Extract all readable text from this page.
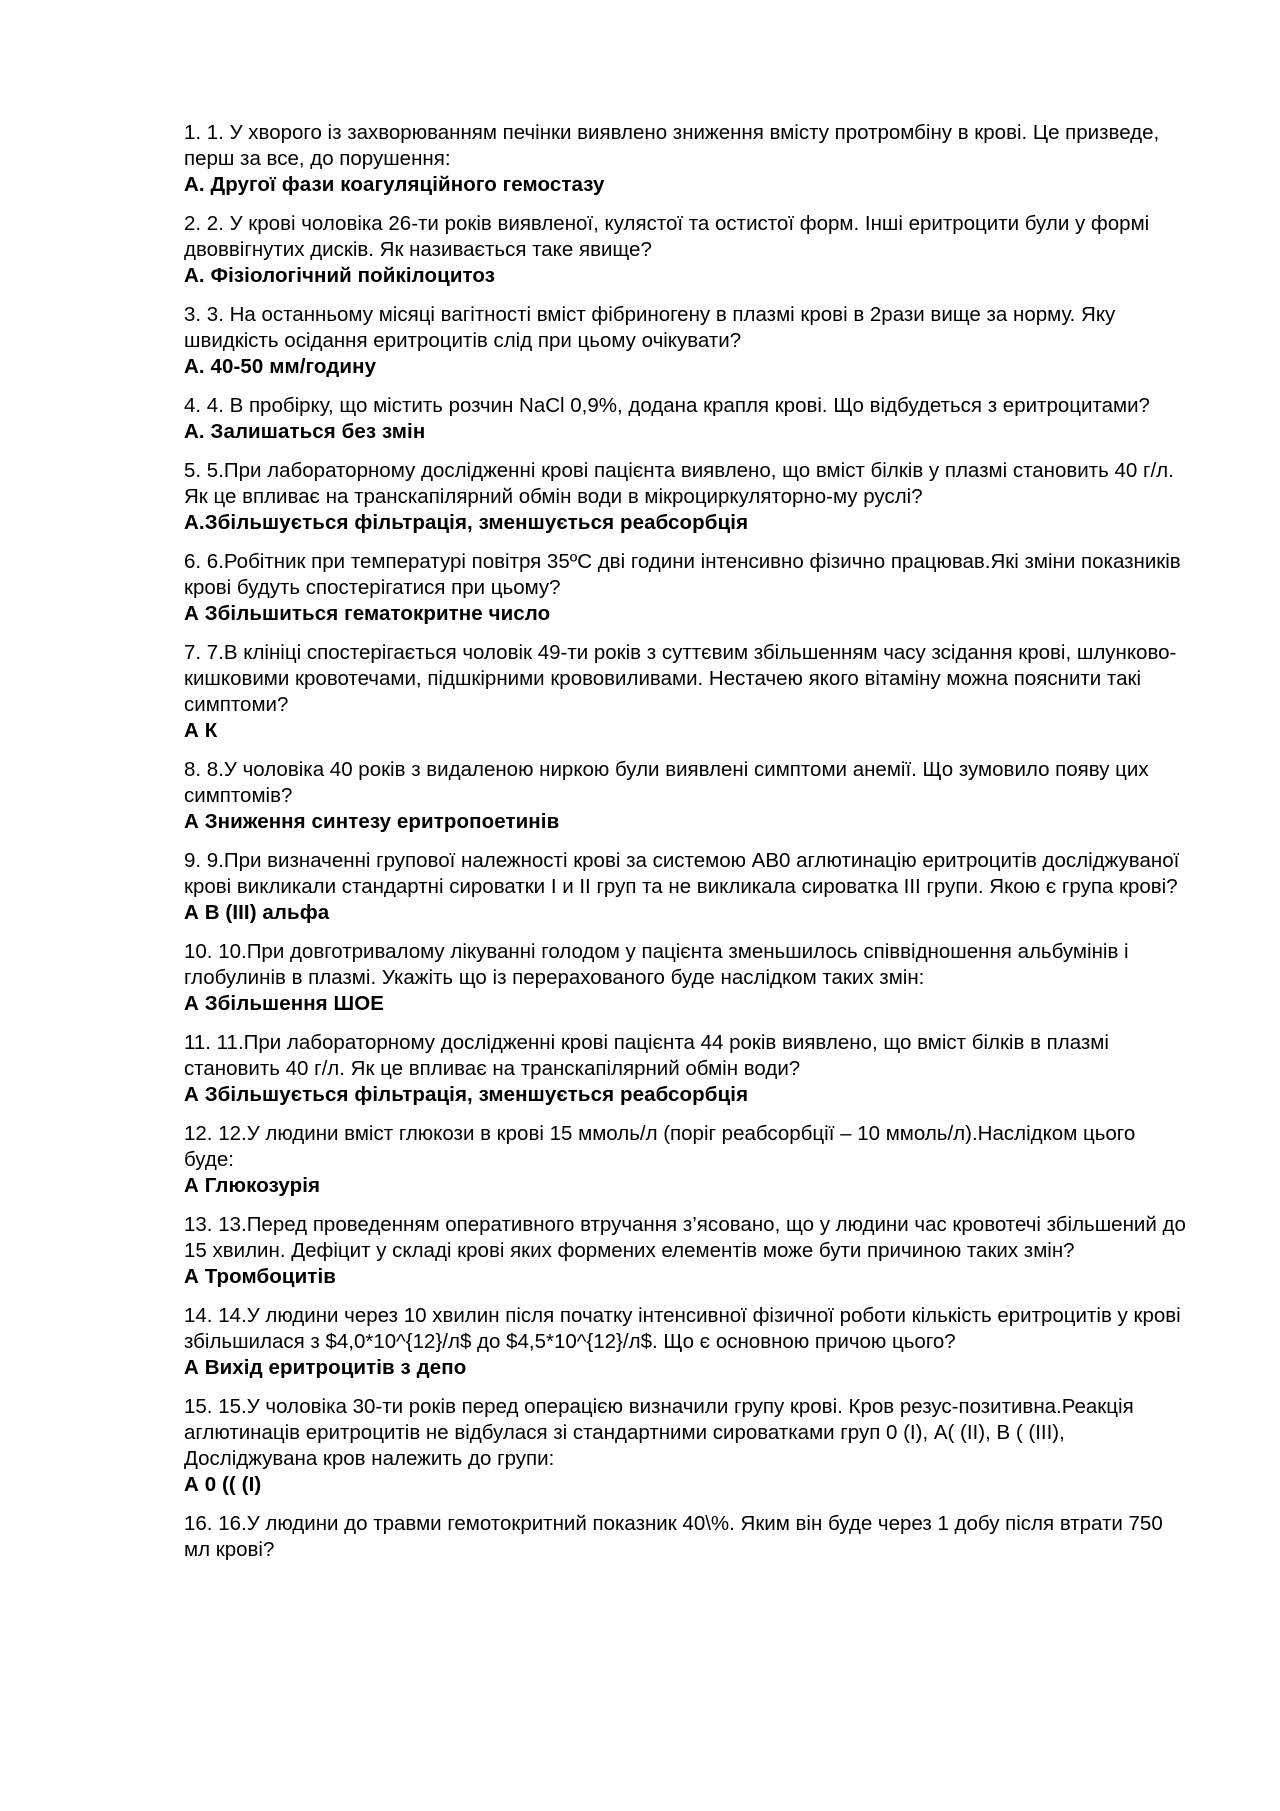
1. 1. У хворого із захворюванням печінки виявлено зниження вмісту протромбіну в крові. Це призведе, перш за все, до порушення:

А. Другої фази коагуляційного гемостазу

2. 2. У крові чоловіка 26-ти років виявленої, кулястої та остистої форм. Інші еритроцити були у формі двоввігнутих дисків. Як називається таке явище?

А. Фізіологічний пойкілоцитоз

3. 3. На останньому місяці вагітності вміст фібриногену в плазмі крові в 2рази вище за норму. Яку швидкість осідання еритроцитів слід при цьому очікувати?

А. 40-50 мм/годину

4. 4. В пробірку, що містить розчин NaCl 0,9%, додана крапля крові. Що відбудеться з еритроцитами?

А. Залишаться без змін

5. 5.При лабораторному дослідженні крові пацієнта виявлено, що вміст білків у плазмі становить 40 г/л. Як це впливає на транскапілярний обмін води в мікроциркуляторно-му руслі?

А.Збільшується фільтрація, зменшується реабсорбція

6. 6.Робітник при температурі повітря 35ºС дві години інтенсивно фізично працював.Які зміни показників крові будуть спостерігатися при цьому?

А Збільшиться гематокритне число

7. 7.В клініці спостерігається чоловік 49-ти років з суттєвим збільшенням часу зсідання крові, шлунково-кишковими кровотечами, підшкірними крововиливами. Нестачею якого вітаміну можна пояснити такі симптоми?

А К

8. 8.У чоловіка 40 років з видаленою ниркою були виявлені симптоми анемії. Що зумовило появу цих симптомів?

А Зниження синтезу еритропоетинів

9. 9.При визначенні групової належності крові за системою АВ0 аглютинацію еритроцитів досліджуваної крові викликали стандартні сироватки І и ІІ груп та не викликала сироватка ІІІ групи. Якою є група крові?

А В (ІІІ) альфа

10. 10.При довготривалому лікуванні голодом у пацієнта зменьшилось співвідношення альбумінів і глобулинів в плазмі. Укажіть що із перерахованого буде наслідком таких змін:

А Збільшення ШОЕ

11. 11.При лабораторному дослідженні крові пацієнта 44 років виявлено, що вміст білків в плазмі становить 40 г/л. Як це впливає на транскапілярний обмін води?

А Збільшується фільтрація, зменшується реабсорбція

12. 12.У людини вміст глюкози в крові 15 ммоль/л (поріг реабсорбції – 10 ммоль/л).Наслідком цього буде:

А Глюкозурія

13. 13.Перед проведенням оперативного втручання з’ясовано, що у людини час кровотечі збільшений до 15 хвилин. Дефіцит у складі крові яких формених елементів може бути причиною таких змін?

А Тромбоцитів

14. 14.У людини через 10 хвилин після початку інтенсивної фізичної роботи кількість еритроцитів у крові збільшилася з $4,0*10^{12}/л$ до $4,5*10^{12}/л$. Що є основною причою цього?

А Вихід еритроцитів з депо

15. 15.У чоловіка 30-ти років перед операцією визначили групу крові. Кров резус-позитивна.Реакція аглютинаців еритроцитів не відбулася зі стандартними сироватками груп 0 (І), А( (ІІ), В ( (ІІІ), Досліджувана кров належить до групи:

А 0 (( (І)

16. 16.У людини до травми гемотокритний показник 40\%. Яким він буде через 1 добу після втрати 750 мл крові?
